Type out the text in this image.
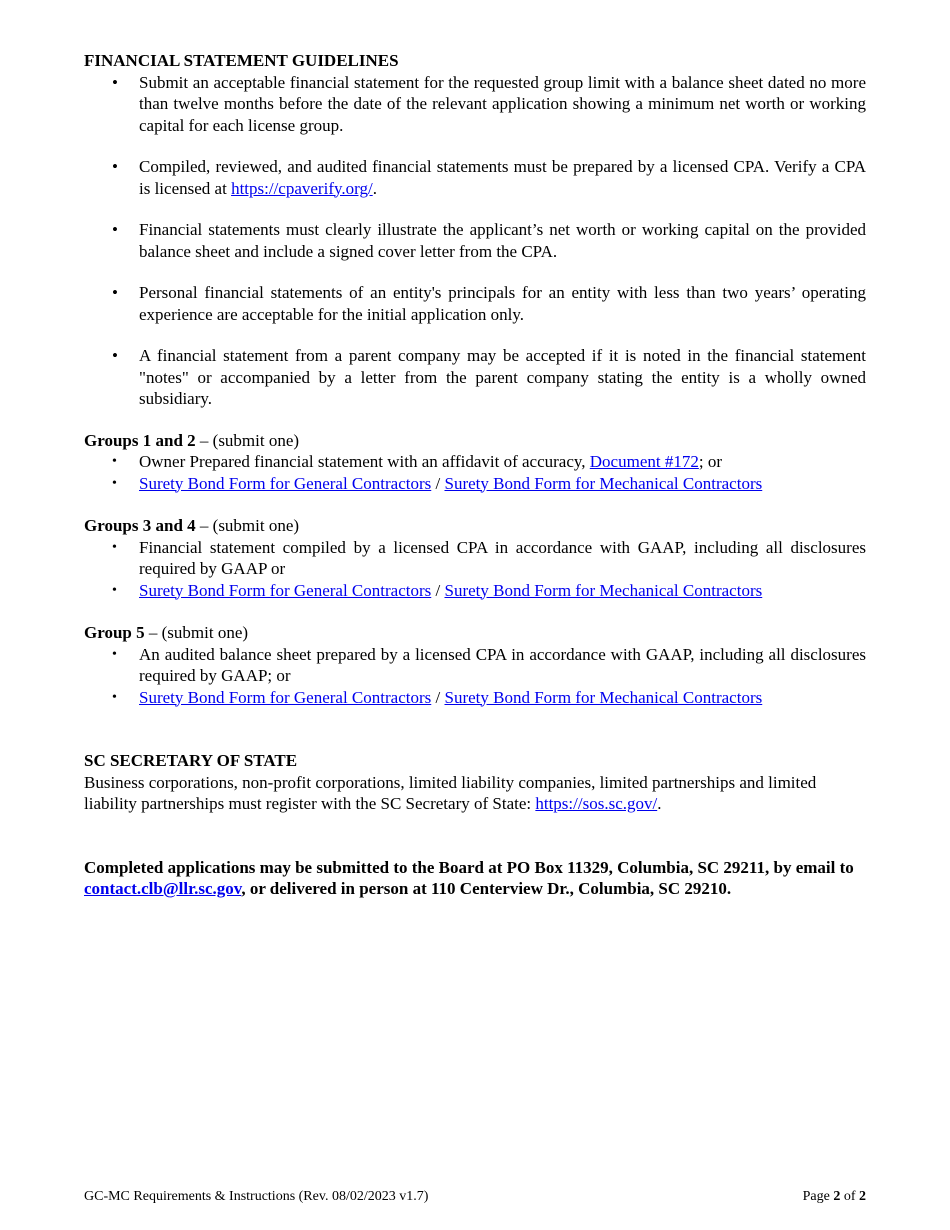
FINANCIAL STATEMENT GUIDELINES

• Submit an acceptable financial statement for the requested group limit with a balance sheet dated no more than twelve months before the date of the relevant application showing a minimum net worth or working capital for each license group.
• Compiled, reviewed, and audited financial statements must be prepared by a licensed CPA. Verify a CPA is licensed at https://cpaverify.org/.
• Financial statements must clearly illustrate the applicant’s net worth or working capital on the provided balance sheet and include a signed cover letter from the CPA.
• Personal financial statements of an entity's principals for an entity with less than two years’ operating experience are acceptable for the initial application only.
• A financial statement from a parent company may be accepted if it is noted in the financial statement "notes" or accompanied by a letter from the parent company stating the entity is a wholly owned subsidiary.

Groups 1 and 2 – (submit one)

• Owner Prepared financial statement with an affidavit of accuracy, Document #172; or
• Surety Bond Form for General Contractors / Surety Bond Form for Mechanical Contractors

Groups 3 and 4 – (submit one)

• Financial statement compiled by a licensed CPA in accordance with GAAP, including all disclosures required by GAAP or
• Surety Bond Form for General Contractors / Surety Bond Form for Mechanical Contractors

Group 5 – (submit one)

• An audited balance sheet prepared by a licensed CPA in accordance with GAAP, including all disclosures required by GAAP; or
• Surety Bond Form for General Contractors / Surety Bond Form for Mechanical Contractors

SC SECRETARY OF STATE

Business corporations, non-profit corporations, limited liability companies, limited partnerships and limited liability partnerships must register with the SC Secretary of State: https://sos.sc.gov/.

Completed applications may be submitted to the Board at PO Box 11329, Columbia, SC 29211, by email to contact.clb@llr.sc.gov, or delivered in person at 110 Centerview Dr., Columbia, SC 29210.

GC-MC Requirements & Instructions (Rev. 08/02/2023 v1.7)	Page 2 of 2
